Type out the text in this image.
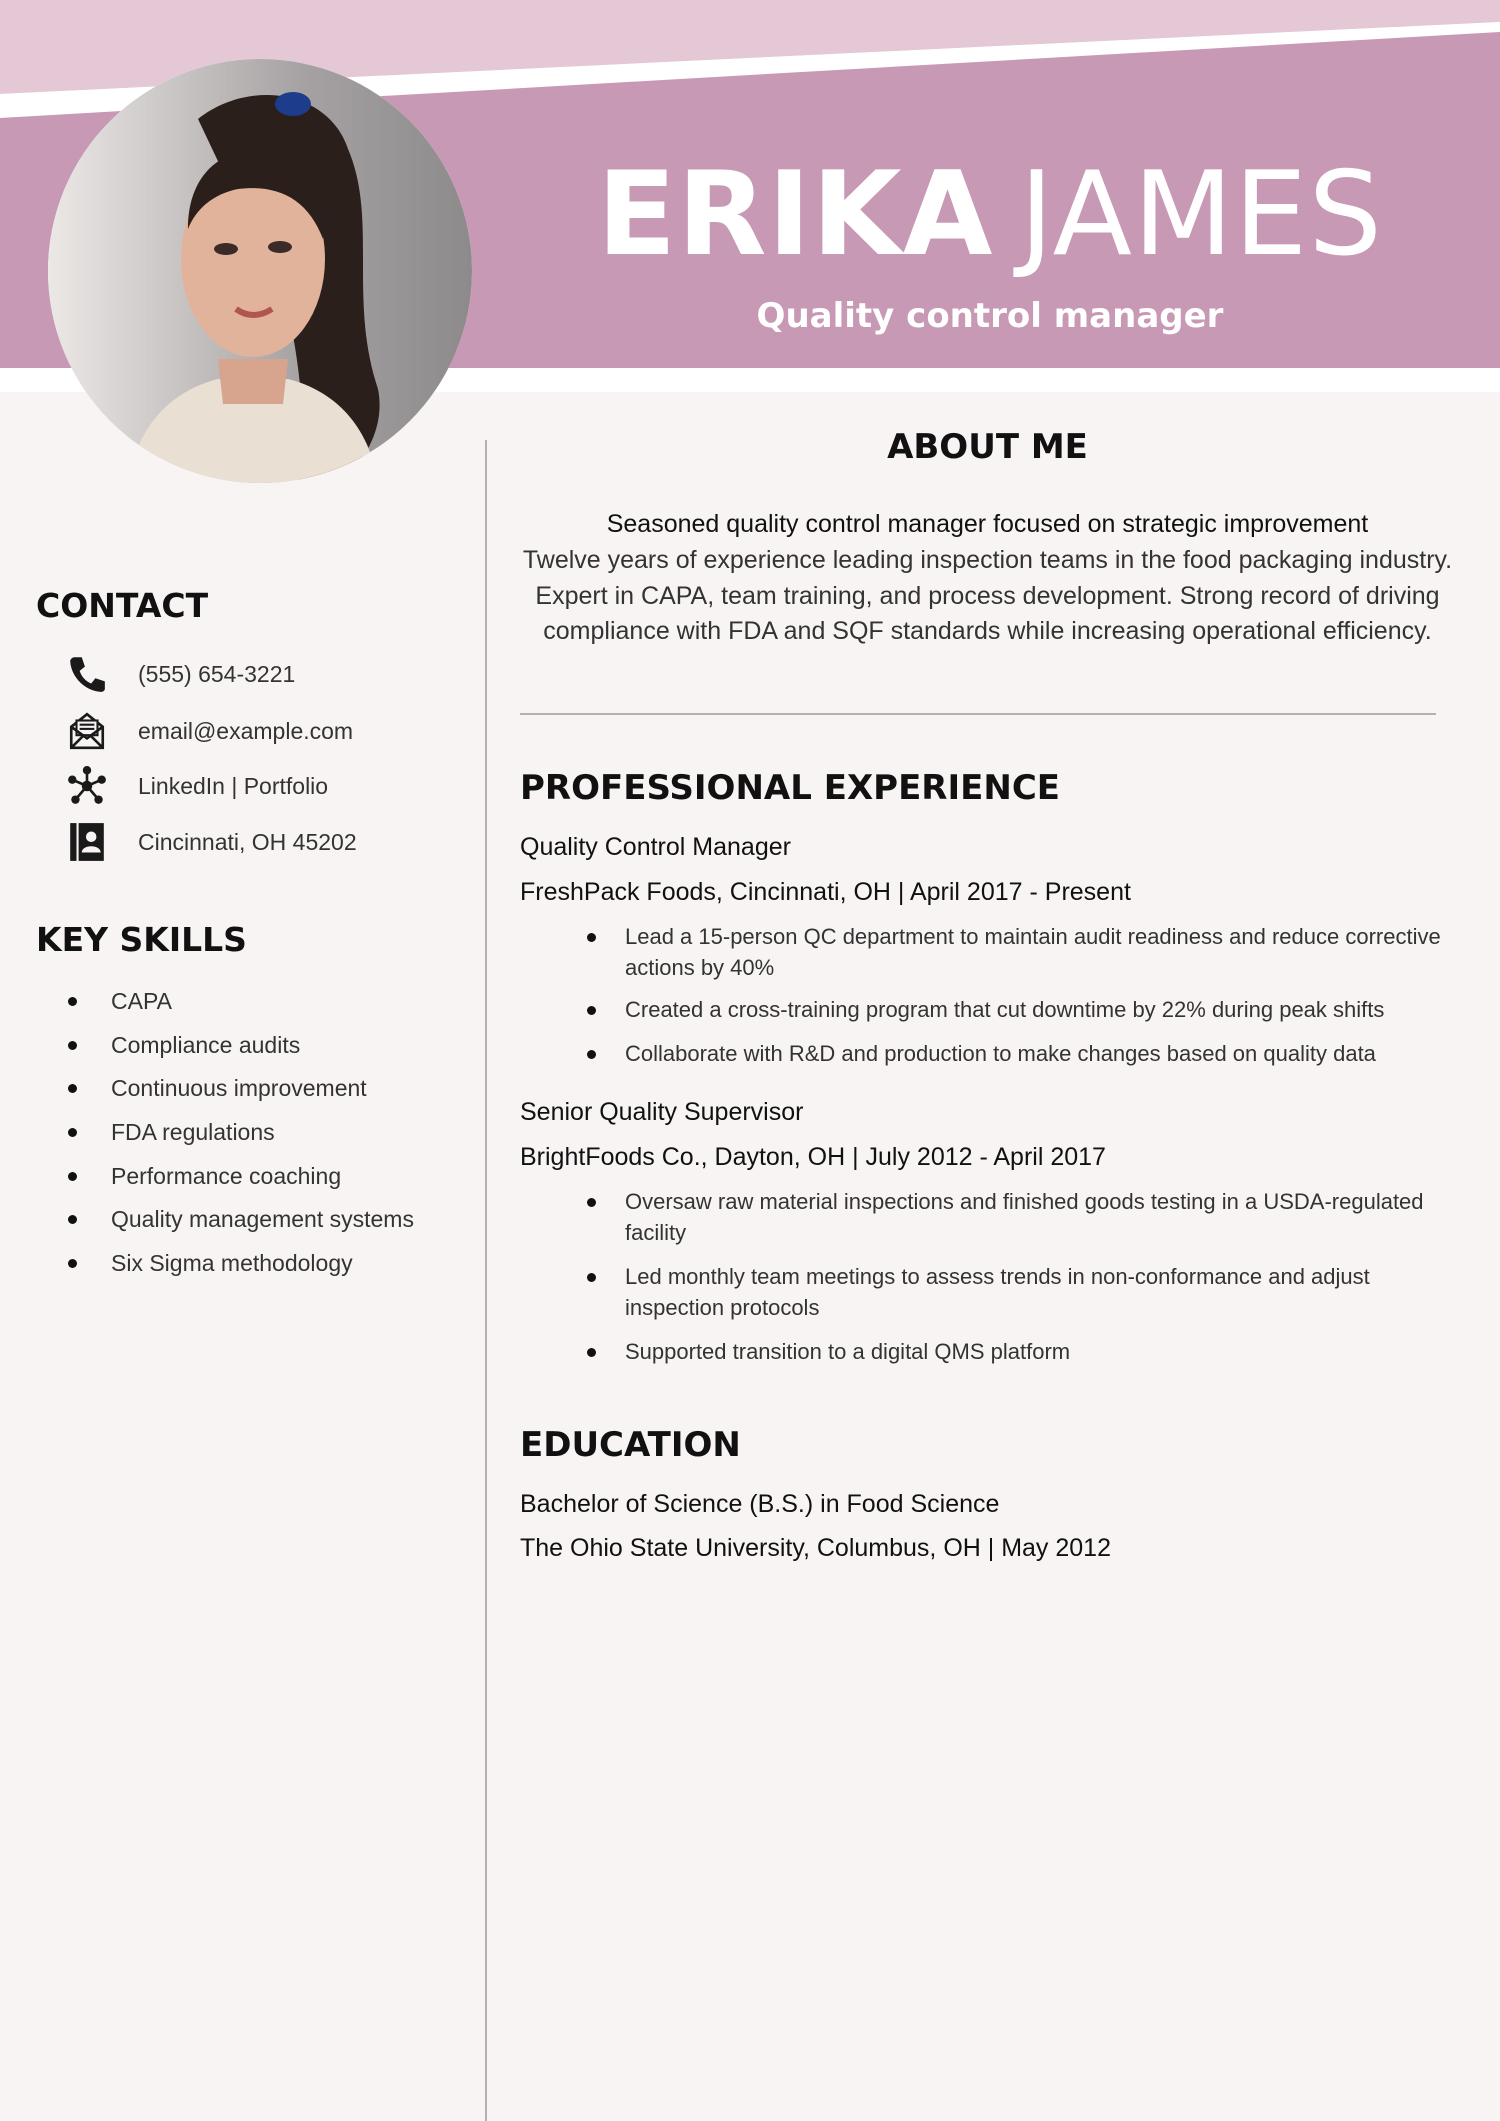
ERIKA JAMES
Quality control manager
CONTACT
(555) 654-3221
email@example.com
LinkedIn | Portfolio
Cincinnati, OH 45202
KEY SKILLS
CAPA
Compliance audits
Continuous improvement
FDA regulations
Performance coaching
Quality management systems
Six Sigma methodology
ABOUT ME
Seasoned quality control manager focused on strategic improvement

Twelve years of experience leading inspection teams in the food packaging industry. Expert in CAPA, team training, and process development. Strong record of driving compliance with FDA and SQF standards while increasing operational efficiency.

PROFESSIONAL EXPERIENCE
Quality Control Manager
FreshPack Foods, Cincinnati, OH | April 2017 - Present
Lead a 15-person QC department to maintain audit readiness and reduce corrective actions by 40%
Created a cross-training program that cut downtime by 22% during peak shifts
Collaborate with R&D and production to make changes based on quality data
Senior Quality Supervisor
BrightFoods Co., Dayton, OH | July 2012 - April 2017
Oversaw raw material inspections and finished goods testing in a USDA-regulated facility
Led monthly team meetings to assess trends in non-conformance and adjust inspection protocols
Supported transition to a digital QMS platform
EDUCATION
Bachelor of Science (B.S.) in Food Science
The Ohio State University, Columbus, OH | May 2012
